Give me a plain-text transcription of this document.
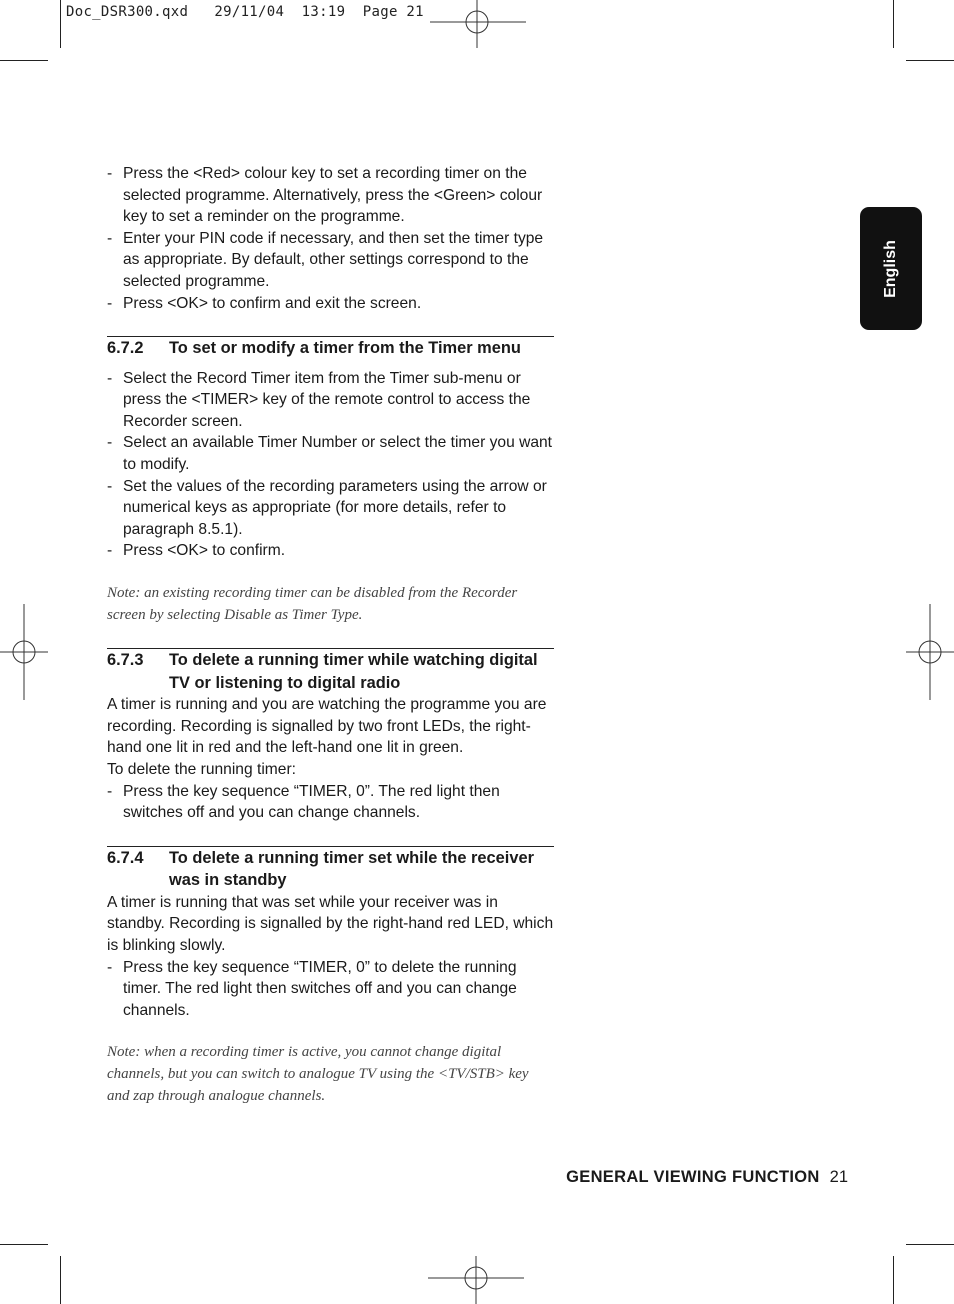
Doc_DSR300.qxd   29/11/04  13:19  Page 21
English
- Press the <Red> colour key to set a recording timer on the selected programme. Alternatively, press the <Green> colour key to set a reminder on the programme.
- Enter your PIN code if necessary, and then set the timer type as appropriate. By default, other settings correspond to the selected programme.
- Press <OK> to confirm and exit the screen.
6.7.2	To set or modify a timer from the Timer menu
- Select the Record Timer item from the Timer sub-menu or press the <TIMER> key of the remote control to access the Recorder screen.
- Select an available Timer Number or select the timer you want to modify.
- Set the values of the recording parameters using the arrow or numerical keys as appropriate (for more details, refer to paragraph 8.5.1).
- Press <OK> to confirm.
Note: an existing recording timer can be disabled from the Recorder screen by selecting Disable as Timer Type.
6.7.3	To delete a running timer while watching digital TV or listening to digital radio

A timer is running and you are watching the programme you are recording. Recording is signalled by two front LEDs, the right-hand one lit in red and the left-hand one lit in green.

To delete the running timer:

- Press the key sequence “TIMER, 0”. The red light then switches off and you can change channels.
6.7.4	To delete a running timer set while the receiver was in standby

A timer is running that was set while your receiver was in standby. Recording is signalled by the right-hand red LED, which is blinking slowly.

- Press the key sequence “TIMER, 0” to delete the running timer. The red light then switches off and you can change channels.
Note: when a recording timer is active, you cannot change digital channels, but you can switch to analogue TV using the <TV/STB> key and zap through analogue channels.
GENERAL VIEWING FUNCTION 21
